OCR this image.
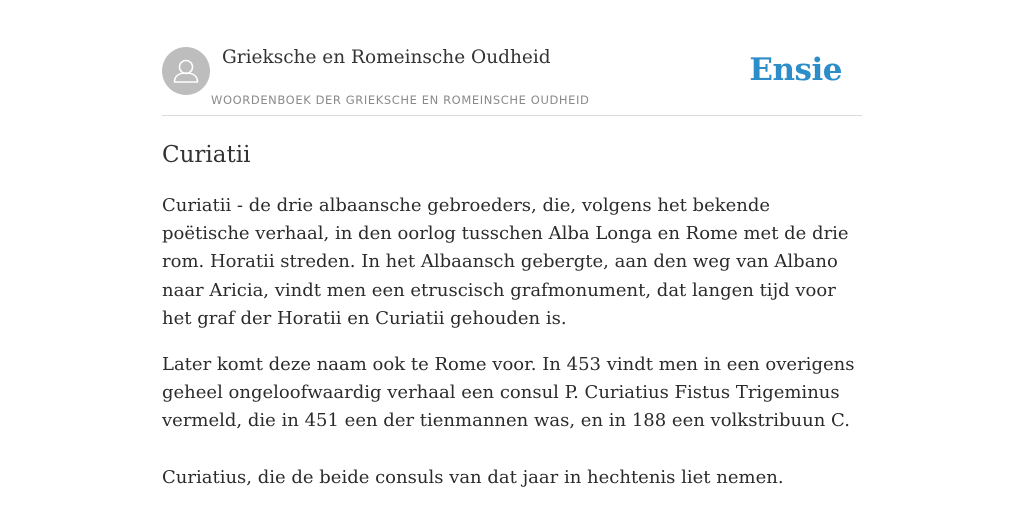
Grieksche en Romeinsche Oudheid
WOORDENBOEK DER GRIEKSCHE EN ROMEINSCHE OUDHEID
Ensie
Curiatii

Curiatii - de drie albaansche gebroeders, die, volgens het bekende poëtische verhaal, in den oorlog tusschen Alba Longa en Rome met de drie rom. Horatii streden. In het Albaansch gebergte, aan den weg van Albano naar Aricia, vindt men een etruscisch grafmonument, dat langen tijd voor het graf der Horatii en Curiatii gehouden is.

Later komt deze naam ook te Rome voor. In 453 vindt men in een overigens geheel ongeloofwaardig verhaal een consul P. Curiatius Fistus Trigeminus vermeld, die in 451 een der tienmannen was, en in 188 een volkstribuun C.

Curiatius, die de beide consuls van dat jaar in hechtenis liet nemen.
